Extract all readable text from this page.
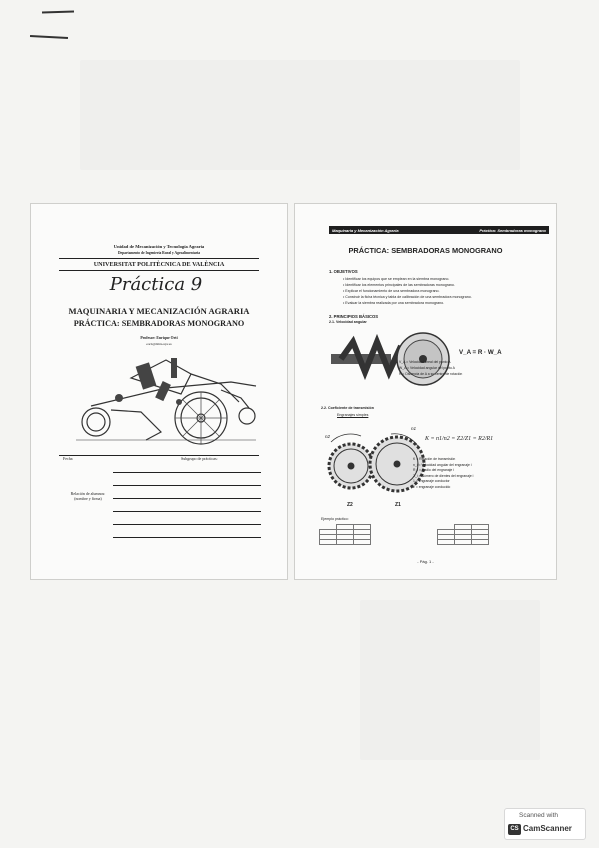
Unidad de Mecanización y Tecnología Agraria
Departamento de Ingeniería Rural y Agroalimentaria
UNIVERSITAT POLITÈCNICA DE VALÈNCIA
Práctica 9
MAQUINARIA Y MECANIZACIÓN AGRARIA
PRÁCTICA: SEMBRADORAS MONOGRANO
Profesor: Enrique Ortí
eorti@dmta.upv.es
Fecha	Subgrupo de prácticas:
Relación de alumnos: (nombre y firma)
Maquinaria y Mecanización Agraria	Práctica: Sembradoras monograno
PRÁCTICA: SEMBRADORAS MONOGRANO
1. OBJETIVOS
• Identificar los equipos que se emplean en la siembra monograno.
• Identificar los elementos principales de las sembradoras monograno.
• Explicar el funcionamiento de una sembradora monograno.
• Construir la ficha técnica y tabla de calibración de una sembradora monograno.
• Evaluar la siembra realizada por una sembradora monograno.
2. PRINCIPIOS BÁSICOS
2.1. Velocidad angular
V_A = R · W_A
V_A = Velocidad lineal del punto A
W_A = Velocidad angular del punto A
R = Distancia de A a su centro de rotación
2.2. Coeficiente de transmisión
Engranajes simples
n2
n1
Z2	Z1
K = n1/n2 = Z2/Z1 = R2/R1
K = Relación de transmisión
n_i = Velocidad angular del engranaje i
R_i = Radio del engranaje i
Z_i = Número de dientes del engranaje i
1 = engranaje conductor
2 = engranaje conducido
Ejemplo práctico:

- Pág. 1 -
Scanned with
CS CamScanner
